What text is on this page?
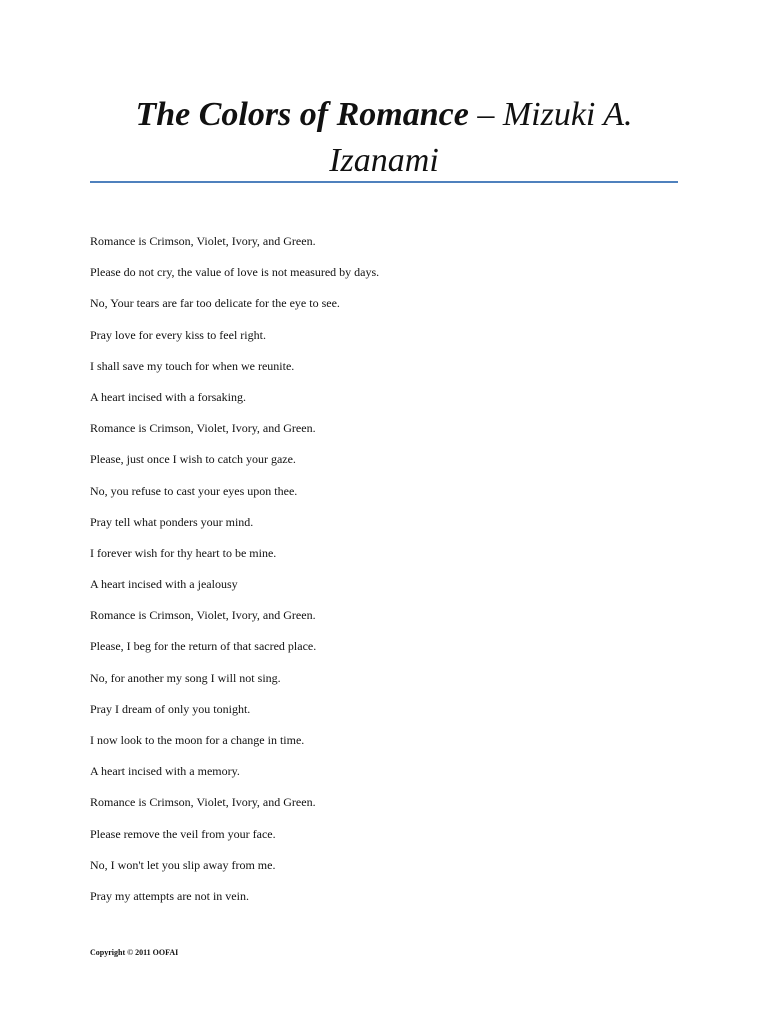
The Colors of Romance – Mizuki A. Izanami
Romance is Crimson, Violet, Ivory, and Green.
Please do not cry, the value of love is not measured by days.
No, Your tears are far too delicate for the eye to see.
Pray love for every kiss to feel right.
I shall save my touch for when we reunite.
A heart incised with a forsaking.
Romance is Crimson, Violet, Ivory, and Green.
Please, just once I wish to catch your gaze.
No, you refuse to cast your eyes upon thee.
Pray tell what ponders your mind.
I forever wish for thy heart to be mine.
A heart incised with a jealousy
Romance is Crimson, Violet, Ivory, and Green.
Please, I beg for the return of that sacred place.
No, for another my song I will not sing.
Pray I dream of only you tonight.
I now look to the moon for a change in time.
A heart incised with a memory.
Romance is Crimson, Violet, Ivory, and Green.
Please remove the veil from your face.
No, I won't let you slip away from me.
Pray my attempts are not in vein.
Copyright © 2011 OOFAI
